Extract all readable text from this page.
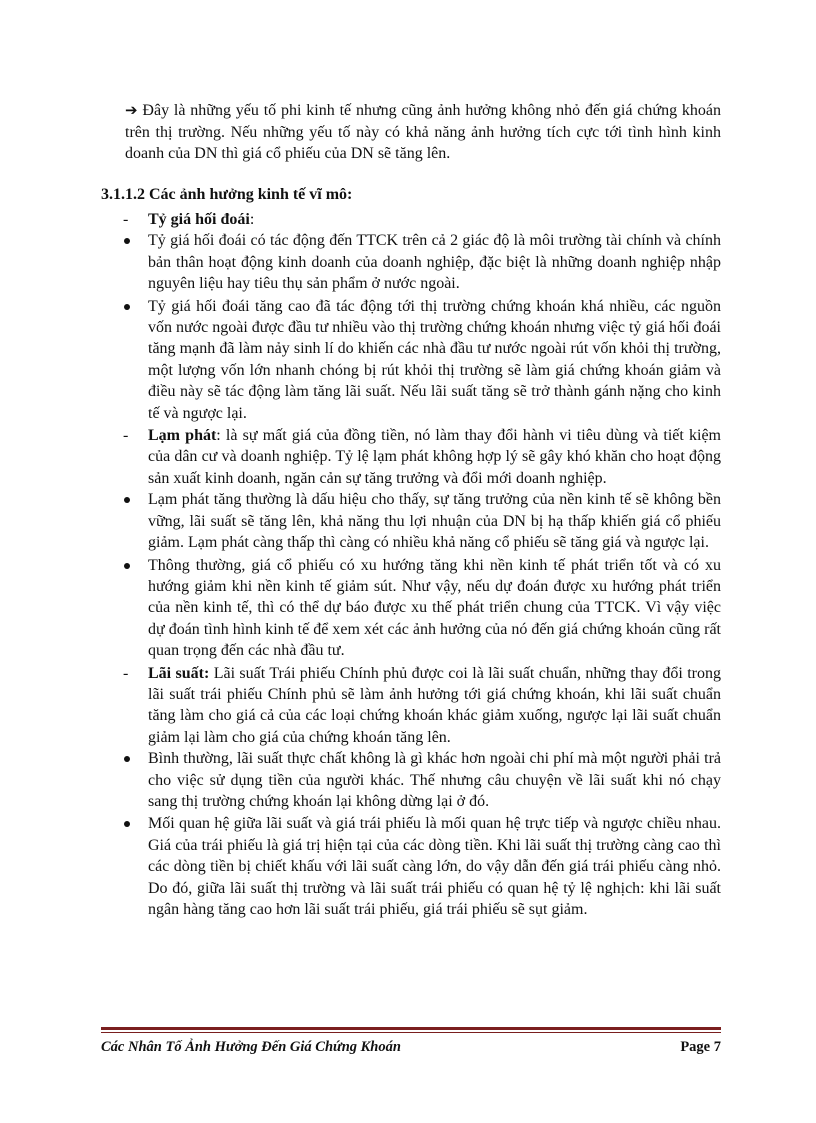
➔ Đây là những yếu tố phi kinh tế nhưng cũng ảnh hưởng không nhỏ đến giá chứng khoán trên thị trường. Nếu những yếu tố này có khả năng ảnh hưởng tích cực tới tình hình kinh doanh của DN thì giá cổ phiếu của DN sẽ tăng lên.

3.1.1.2 Các ảnh hưởng kinh tế vĩ mô:
- Tỷ giá hối đoái:
Tỷ giá hối đoái có tác động đến TTCK trên cả 2 giác độ là môi trường tài chính và chính bản thân hoạt động kinh doanh của doanh nghiệp, đặc biệt là những doanh nghiệp nhập nguyên liệu hay tiêu thụ sản phẩm ở nước ngoài.
Tỷ giá hối đoái tăng cao đã tác động tới thị trường chứng khoán khá nhiều, các nguồn vốn nước ngoài được đầu tư nhiều vào thị trường chứng khoán nhưng việc tỷ giá hối đoái tăng mạnh đã làm nảy sinh lí do khiến các nhà đầu tư nước ngoài rút vốn khỏi thị trường, một lượng vốn lớn nhanh chóng bị rút khỏi thị trường sẽ làm giá chứng khoán giảm và điều này sẽ tác động làm tăng lãi suất. Nếu lãi suất tăng sẽ trở thành gánh nặng cho kinh tế và ngược lại.
- Lạm phát: là sự mất giá của đồng tiền, nó làm thay đổi hành vi tiêu dùng và tiết kiệm của dân cư và doanh nghiệp. Tỷ lệ lạm phát không hợp lý sẽ gây khó khăn cho hoạt động sản xuất kinh doanh, ngăn cản sự tăng trưởng và đổi mới doanh nghiệp.
Lạm phát tăng thường là dấu hiệu cho thấy, sự tăng trưởng của nền kinh tế sẽ không bền vững, lãi suất sẽ tăng lên, khả năng thu lợi nhuận của DN bị hạ thấp khiến giá cổ phiếu giảm. Lạm phát càng thấp thì càng có nhiều khả năng cổ phiếu sẽ tăng giá và ngược lại.
Thông thường, giá cổ phiếu có xu hướng tăng khi nền kinh tế phát triển tốt và có xu hướng giảm khi nền kinh tế giảm sút. Như vậy, nếu dự đoán được xu hướng phát triển của nền kinh tế, thì có thể dự báo được xu thế phát triển chung của TTCK. Vì vậy việc dự đoán tình hình kinh tế để xem xét các ảnh hưởng của nó đến giá chứng khoán cũng rất quan trọng đến các nhà đầu tư.
- Lãi suất: Lãi suất Trái phiếu Chính phủ được coi là lãi suất chuẩn, những thay đổi trong lãi suất trái phiếu Chính phủ sẽ làm ảnh hưởng tới giá chứng khoán, khi lãi suất chuẩn tăng làm cho giá cả của các loại chứng khoán khác giảm xuống, ngược lại lãi suất chuẩn giảm lại làm cho giá của chứng khoán tăng lên.
Bình thường, lãi suất thực chất không là gì khác hơn ngoài chi phí mà một người phải trả cho việc sử dụng tiền của người khác. Thế nhưng câu chuyện về lãi suất khi nó chạy sang thị trường chứng khoán lại không dừng lại ở đó.
Mối quan hệ giữa lãi suất và giá trái phiếu là mối quan hệ trực tiếp và ngược chiều nhau. Giá của trái phiếu là giá trị hiện tại của các dòng tiền. Khi lãi suất thị trường càng cao thì các dòng tiền bị chiết khấu với lãi suất càng lớn, do vậy dẫn đến giá trái phiếu càng nhỏ. Do đó, giữa lãi suất thị trường và lãi suất trái phiếu có quan hệ tỷ lệ nghịch: khi lãi suất ngân hàng tăng cao hơn lãi suất trái phiếu, giá trái phiếu sẽ sụt giảm.
Các Nhân Tố Ảnh Hưởng Đến Giá Chứng Khoán	Page 7
